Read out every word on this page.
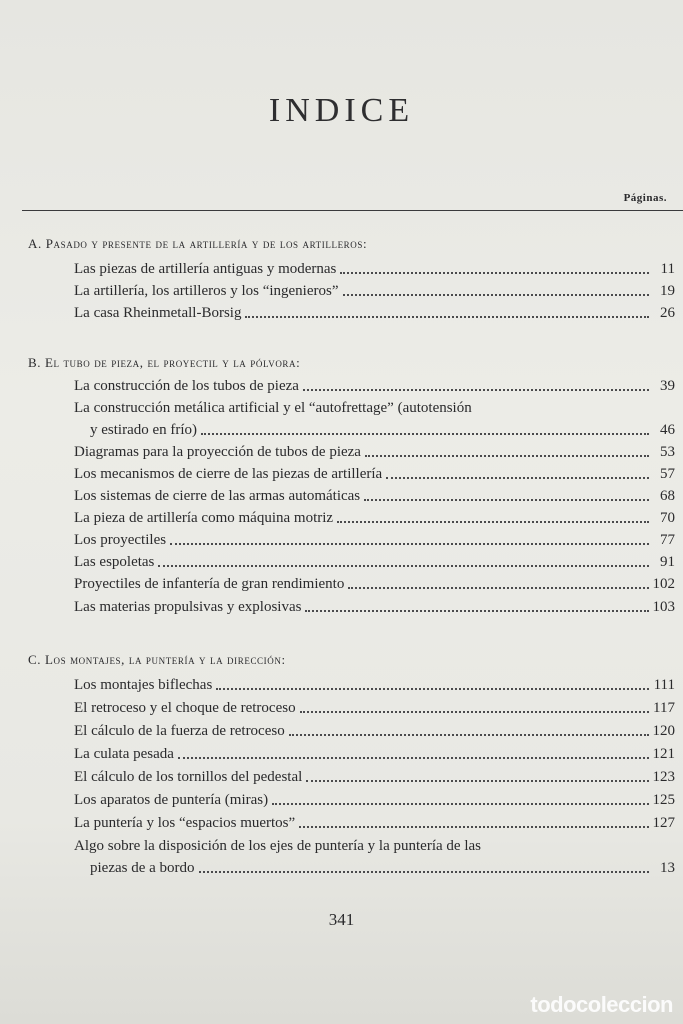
INDICE
Páginas.
A. Pasado y presente de la artillería y de los artilleros:
Las piezas de artillería antiguas y modernas	11
La artillería, los artilleros y los “ingenieros”	19
La casa Rheinmetall-Borsig	26
B. El tubo de pieza, el proyectil y la pólvora:
La construcción de los tubos de pieza	39
La construcción metálica artificial y el “autofrettage” (autotensión
y estirado en frío)	46
Diagramas para la proyección de tubos de pieza	53
Los mecanismos de cierre de las piezas de artillería	57
Los sistemas de cierre de las armas automáticas	68
La pieza de artillería como máquina motriz	70
Los proyectiles	77
Las espoletas	91
Proyectiles de infantería de gran rendimiento	102
Las materias propulsivas y explosivas	103
C. Los montajes, la puntería y la dirección:
Los montajes biflechas	111
El retroceso y el choque de retroceso	117
El cálculo de la fuerza de retroceso	120
La culata pesada	121
El cálculo de los tornillos del pedestal	123
Los aparatos de puntería (miras)	125
La puntería y los “espacios muertos”	127
Algo sobre la disposición de los ejes de puntería y la puntería de las
piezas de a bordo	13
341
todocoleccion
